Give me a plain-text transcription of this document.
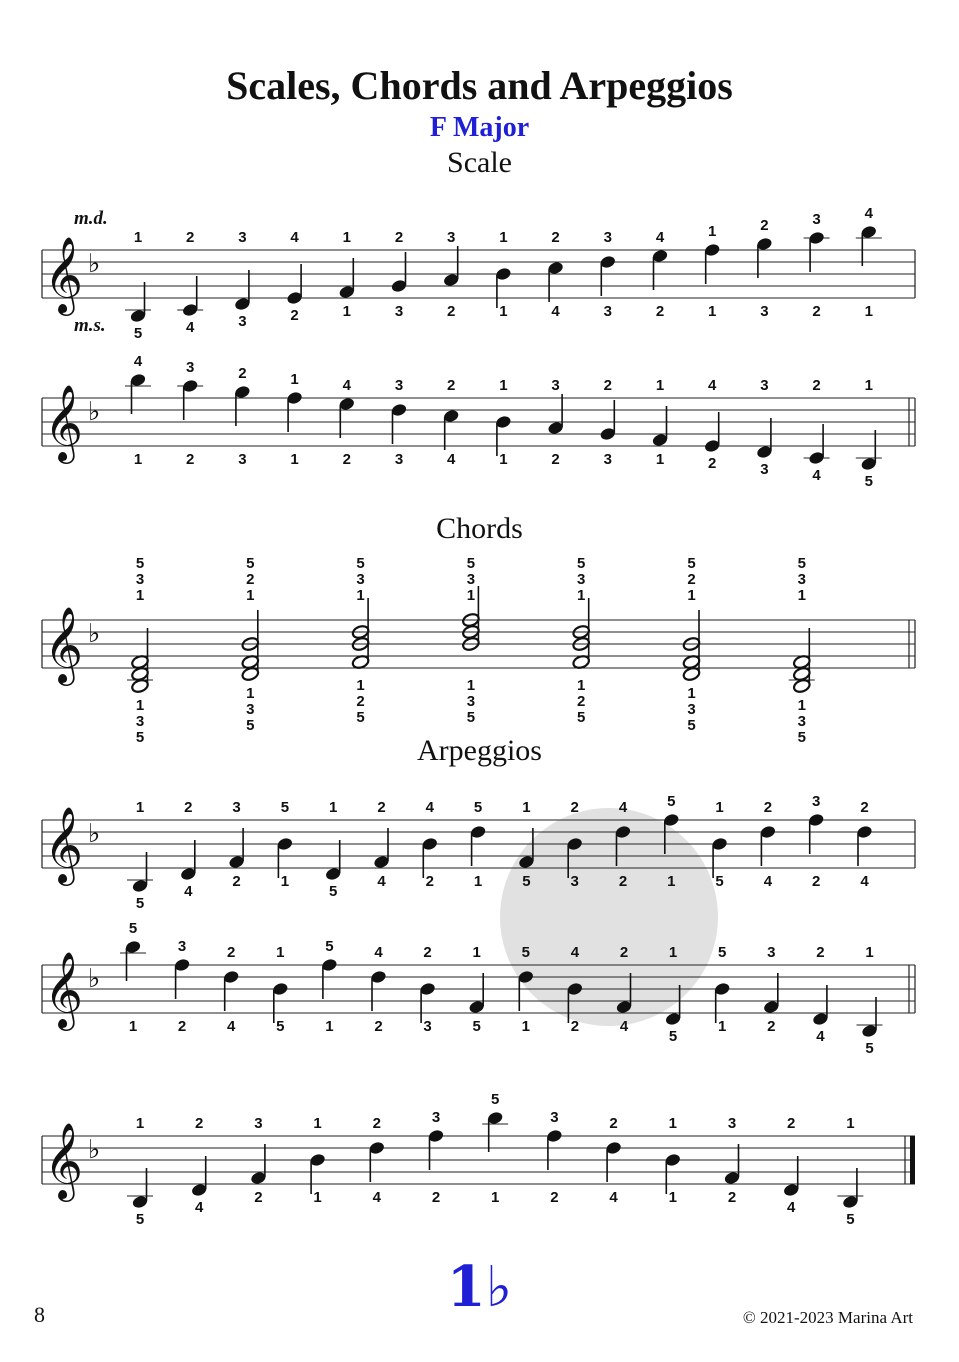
Scales, Chords and Arpeggios
F Major
Scale
Chords
Arpeggios
𝄞 ♭
1
5
2
4
3
3
4
2
1
1
2
3
3
2
1
1
2
4
3
3
4
2
1
1
2
3
3
2
4
1
𝄞 ♭
4
1
3
2
2
3
1
1
4
2
3
3
2
4
1
1
3
2
2
3
1
1
4
2
3
3
2
4
1
5
𝄞 ♭
5
3
1
1
3
5
5
2
1
1
3
5
5
3
1
1
2
5
5
3
1
1
3
5
5
3
1
1
2
5
5
2
1
1
3
5
5
3
1
1
3
5
𝄞 ♭
1
5
2
4
3
2
5
1
1
5
2
4
4
2
5
1
1
5
2
3
4
2
5
1
1
5
2
4
3
2
2
4
𝄞 ♭
5
1
3
2
2
4
1
5
5
1
4
2
2
3
1
5
5
1
4
2
2
4
1
5
5
1
3
2
2
4
1
5
𝄞 ♭
1
5
2
4
3
2
1
1
2
4
3
2
5
1
3
2
2
4
1
1
3
2
2
4
1
5
m.d.
m.s.
1♭
8	© 2021-2023 Marina Art
